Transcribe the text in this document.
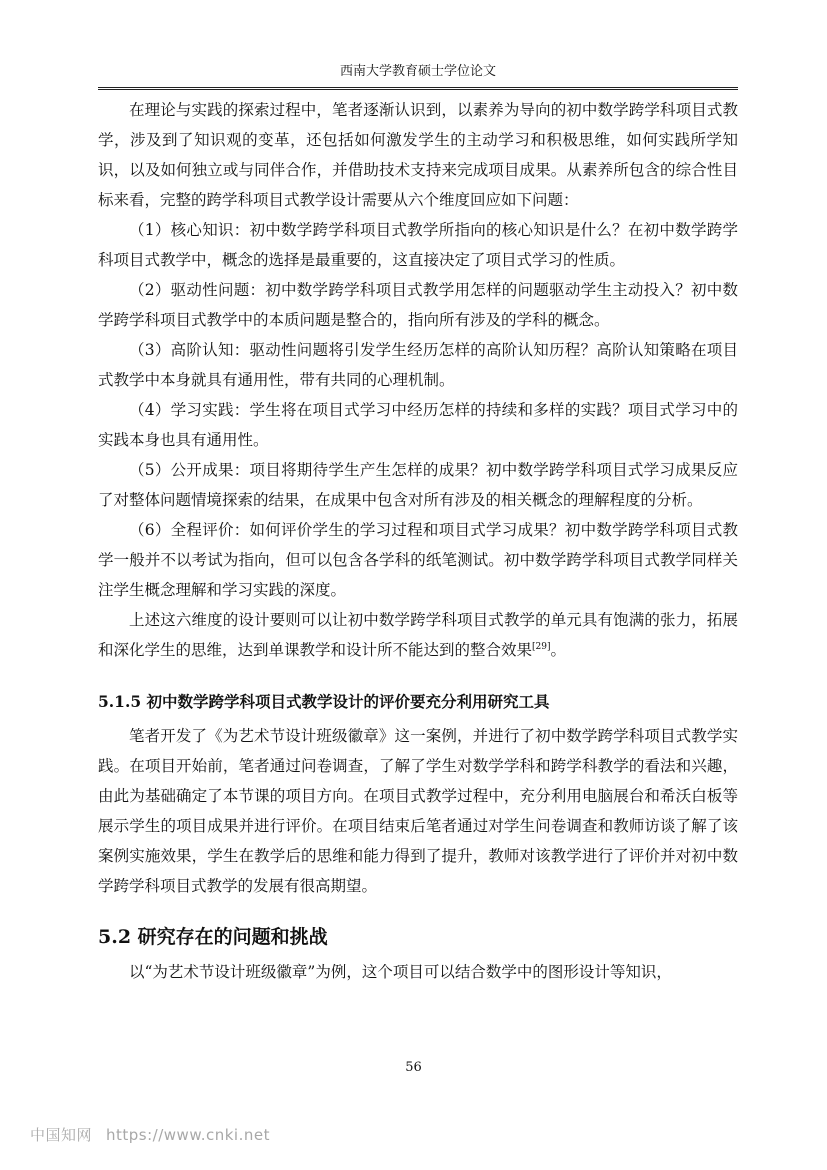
西南大学教育硕士学位论文

在理论与实践的探索过程中，笔者逐渐认识到，以素养为导向的初中数学跨学科项目式教学，涉及到了知识观的变革，还包括如何激发学生的主动学习和积极思维，如何实践所学知识，以及如何独立或与同伴合作，并借助技术支持来完成项目成果。从素养所包含的综合性目标来看，完整的跨学科项目式教学设计需要从六个维度回应如下问题：

（1）核心知识：初中数学跨学科项目式教学所指向的核心知识是什么？在初中数学跨学科项目式教学中，概念的选择是最重要的，这直接决定了项目式学习的性质。

（2）驱动性问题：初中数学跨学科项目式教学用怎样的问题驱动学生主动投入？初中数学跨学科项目式教学中的本质问题是整合的，指向所有涉及的学科的概念。

（3）高阶认知：驱动性问题将引发学生经历怎样的高阶认知历程？高阶认知策略在项目式教学中本身就具有通用性，带有共同的心理机制。

（4）学习实践：学生将在项目式学习中经历怎样的持续和多样的实践？项目式学习中的实践本身也具有通用性。

（5）公开成果：项目将期待学生产生怎样的成果？初中数学跨学科项目式学习成果反应了对整体问题情境探索的结果，在成果中包含对所有涉及的相关概念的理解程度的分析。

（6）全程评价：如何评价学生的学习过程和项目式学习成果？初中数学跨学科项目式教学一般并不以考试为指向，但可以包含各学科的纸笔测试。初中数学跨学科项目式教学同样关注学生概念理解和学习实践的深度。

上述这六维度的设计要则可以让初中数学跨学科项目式教学的单元具有饱满的张力，拓展和深化学生的思维，达到单课教学和设计所不能达到的整合效果[29]。

5.1.5 初中数学跨学科项目式教学设计的评价要充分利用研究工具

笔者开发了《为艺术节设计班级徽章》这一案例，并进行了初中数学跨学科项目式教学实践。在项目开始前，笔者通过问卷调查，了解了学生对数学学科和跨学科教学的看法和兴趣，由此为基础确定了本节课的项目方向。在项目式教学过程中，充分利用电脑展台和希沃白板等展示学生的项目成果并进行评价。在项目结束后笔者通过对学生问卷调查和教师访谈了解了该案例实施效果，学生在教学后的思维和能力得到了提升，教师对该教学进行了评价并对初中数学跨学科项目式教学的发展有很高期望。

5.2 研究存在的问题和挑战

以“为艺术节设计班级徽章”为例，这个项目可以结合数学中的图形设计等知识，

56
中国知网 https://www.cnki.net
